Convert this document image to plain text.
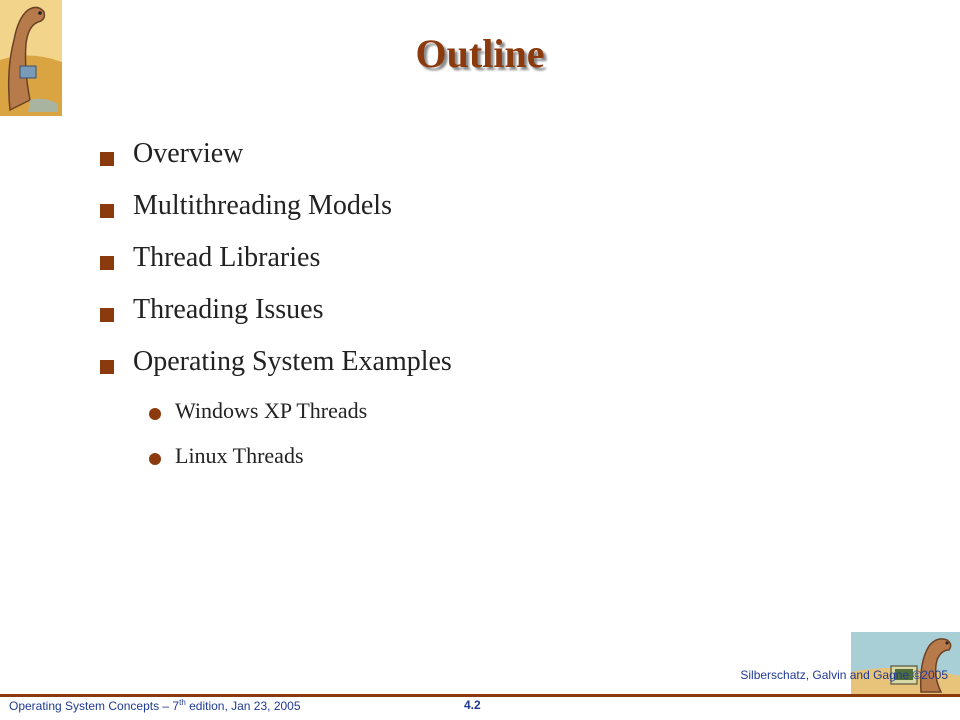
Outline
Overview
Multithreading Models
Thread Libraries
Threading Issues
Operating System Examples
Windows XP Threads
Linux Threads
Operating System Concepts – 7th edition, Jan 23, 2005	4.2
Silberschatz, Galvin and Gagne ©2005
